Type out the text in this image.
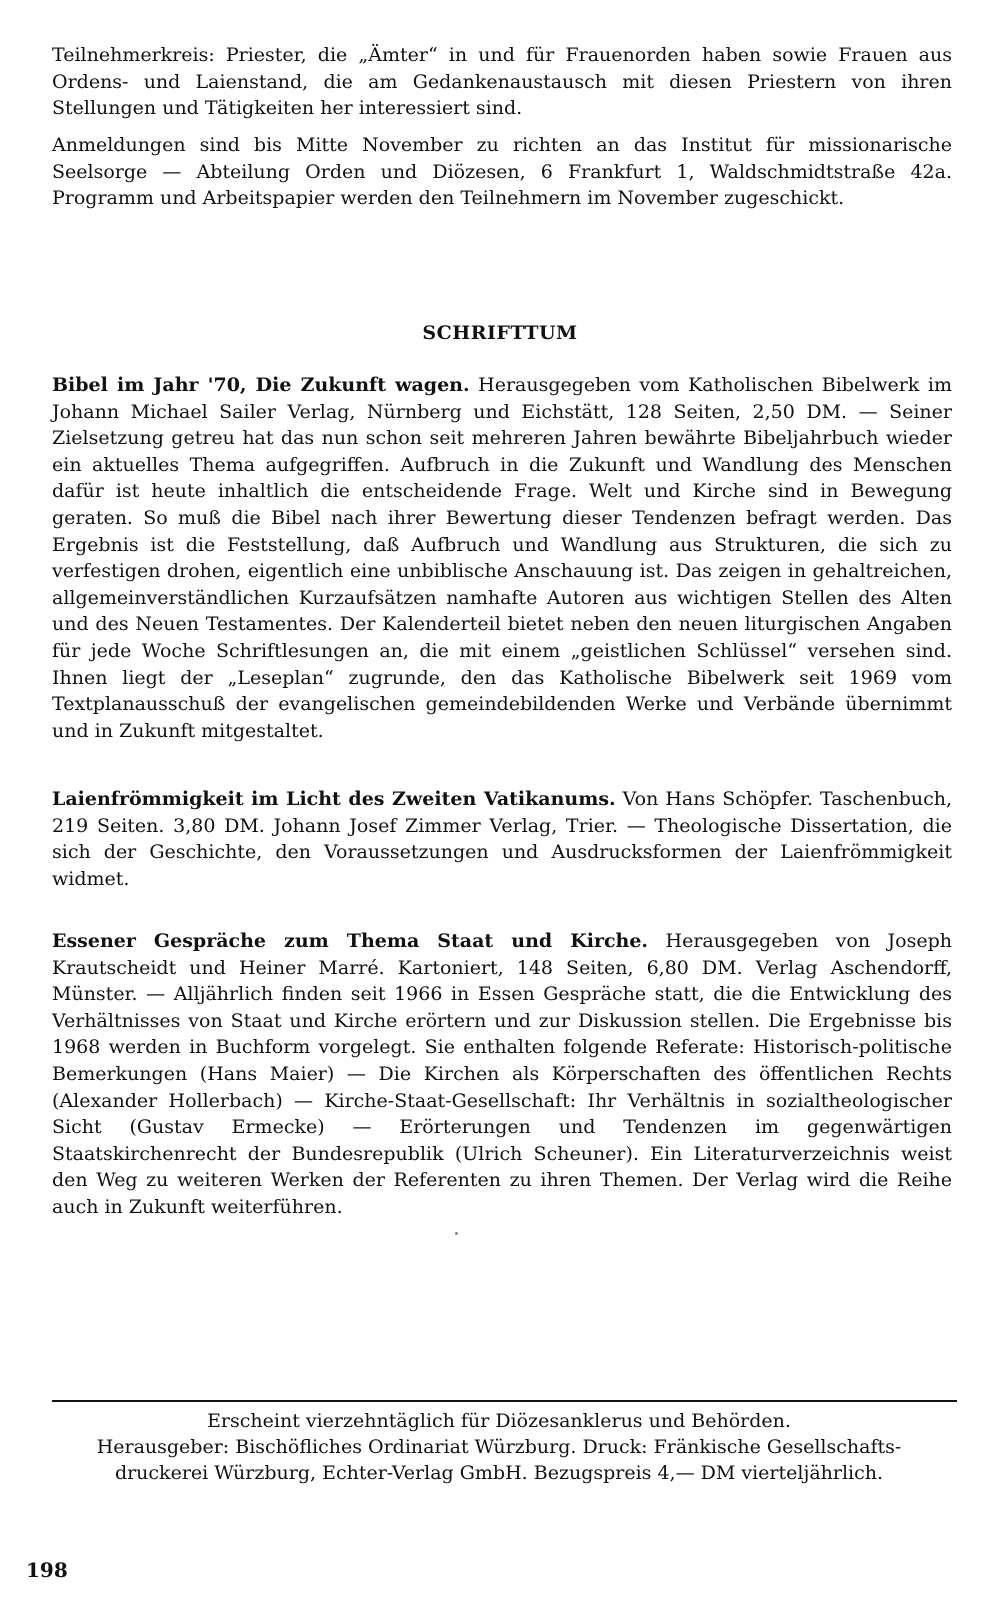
Teilnehmerkreis: Priester, die „Ämter“ in und für Frauenorden haben sowie Frauen aus Ordens- und Laienstand, die am Gedankenaustausch mit diesen Priestern von ihren Stellungen und Tätigkeiten her interessiert sind.

Anmeldungen sind bis Mitte November zu richten an das Institut für missionarische Seelsorge — Abteilung Orden und Diözesen, 6 Frankfurt 1, Waldschmidtstraße 42a. Programm und Arbeitspapier werden den Teilnehmern im November zugeschickt.

SCHRIFTTUM

Bibel im Jahr '70, Die Zukunft wagen. Herausgegeben vom Katholischen Bibelwerk im Johann Michael Sailer Verlag, Nürnberg und Eichstätt, 128 Seiten, 2,50 DM. — Seiner Zielsetzung getreu hat das nun schon seit mehreren Jahren bewährte Bibeljahrbuch wieder ein aktuelles Thema aufgegriffen. Aufbruch in die Zukunft und Wandlung des Menschen dafür ist heute inhaltlich die entscheidende Frage. Welt und Kirche sind in Bewegung geraten. So muß die Bibel nach ihrer Bewertung dieser Tendenzen befragt werden. Das Ergebnis ist die Feststellung, daß Aufbruch und Wandlung aus Strukturen, die sich zu verfestigen drohen, eigentlich eine unbiblische Anschauung ist. Das zeigen in gehaltreichen, allgemeinverständlichen Kurzaufsätzen namhafte Autoren aus wichtigen Stellen des Alten und des Neuen Testamentes. Der Kalenderteil bietet neben den neuen liturgischen Angaben für jede Woche Schriftlesungen an, die mit einem „geistlichen Schlüssel“ versehen sind. Ihnen liegt der „Leseplan“ zugrunde, den das Katholische Bibelwerk seit 1969 vom Textplanausschuß der evangelischen gemeindebildenden Werke und Verbände übernimmt und in Zukunft mitgestaltet.

Laienfrömmigkeit im Licht des Zweiten Vatikanums. Von Hans Schöpfer. Taschenbuch, 219 Seiten. 3,80 DM. Johann Josef Zimmer Verlag, Trier. — Theologische Dissertation, die sich der Geschichte, den Voraussetzungen und Ausdrucksformen der Laienfrömmigkeit widmet.

Essener Gespräche zum Thema Staat und Kirche. Herausgegeben von Joseph Krautscheidt und Heiner Marré. Kartoniert, 148 Seiten, 6,80 DM. Verlag Aschendorff, Münster. — Alljährlich finden seit 1966 in Essen Gespräche statt, die die Entwicklung des Verhältnisses von Staat und Kirche erörtern und zur Diskussion stellen. Die Ergebnisse bis 1968 werden in Buchform vorgelegt. Sie enthalten folgende Referate: Historisch-politische Bemerkungen (Hans Maier) — Die Kirchen als Körperschaften des öffentlichen Rechts (Alexander Hollerbach) — Kirche-Staat-Gesellschaft: Ihr Verhältnis in sozialtheologischer Sicht (Gustav Ermecke) — Erörterungen und Tendenzen im gegenwärtigen Staatskirchenrecht der Bundesrepublik (Ulrich Scheuner). Ein Literaturverzeichnis weist den Weg zu weiteren Werken der Referenten zu ihren Themen. Der Verlag wird die Reihe auch in Zukunft weiterführen.

Erscheint vierzehntäglich für Diözesanklerus und Behörden.
Herausgeber: Bischöfliches Ordinariat Würzburg. Druck: Fränkische Gesellschafts-
druckerei Würzburg, Echter-Verlag GmbH. Bezugspreis 4,— DM vierteljährlich.

198
